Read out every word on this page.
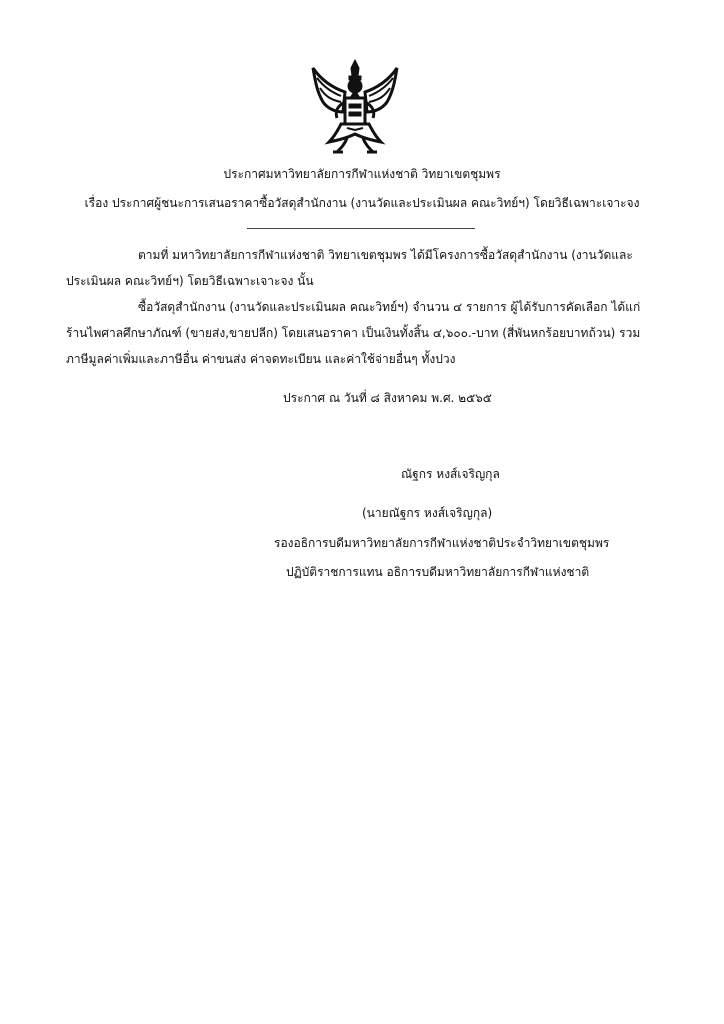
ประกาศมหาวิทยาลัยการกีฬาแห่งชาติ วิทยาเขตชุมพร
เรื่อง ประกาศผู้ชนะการเสนอราคาซื้อวัสดุสำนักงาน (งานวัดและประเมินผล คณะวิทย์ฯ) โดยวิธีเฉพาะเจาะจง
ตามที่ มหาวิทยาลัยการกีฬาแห่งชาติ วิทยาเขตชุมพร ได้มีโครงการซื้อวัสดุสำนักงาน (งานวัดและ
ประเมินผล คณะวิทย์ฯ) โดยวิธีเฉพาะเจาะจง นั้น
ซื้อวัสดุสำนักงาน (งานวัดและประเมินผล คณะวิทย์ฯ) จำนวน ๔ รายการ ผู้ได้รับการคัดเลือก ได้แก่
ร้านไพศาลศึกษาภัณฑ์ (ขายส่ง,ขายปลีก) โดยเสนอราคา เป็นเงินทั้งสิ้น ๔,๖๐๐.-บาท (สี่พันหกร้อยบาทถ้วน) รวม
ภาษีมูลค่าเพิ่มและภาษีอื่น ค่าขนส่ง ค่าจดทะเบียน และค่าใช้จ่ายอื่นๆ ทั้งปวง
ประกาศ ณ วันที่ ๘ สิงหาคม พ.ศ. ๒๕๖๕
ณัฐกร หงส์เจริญกุล
(นายณัฐกร หงส์เจริญกุล)
รองอธิการบดีมหาวิทยาลัยการกีฬาแห่งชาติประจำวิทยาเขตชุมพร
ปฏิบัติราชการแทน อธิการบดีมหาวิทยาลัยการกีฬาแห่งชาติ
